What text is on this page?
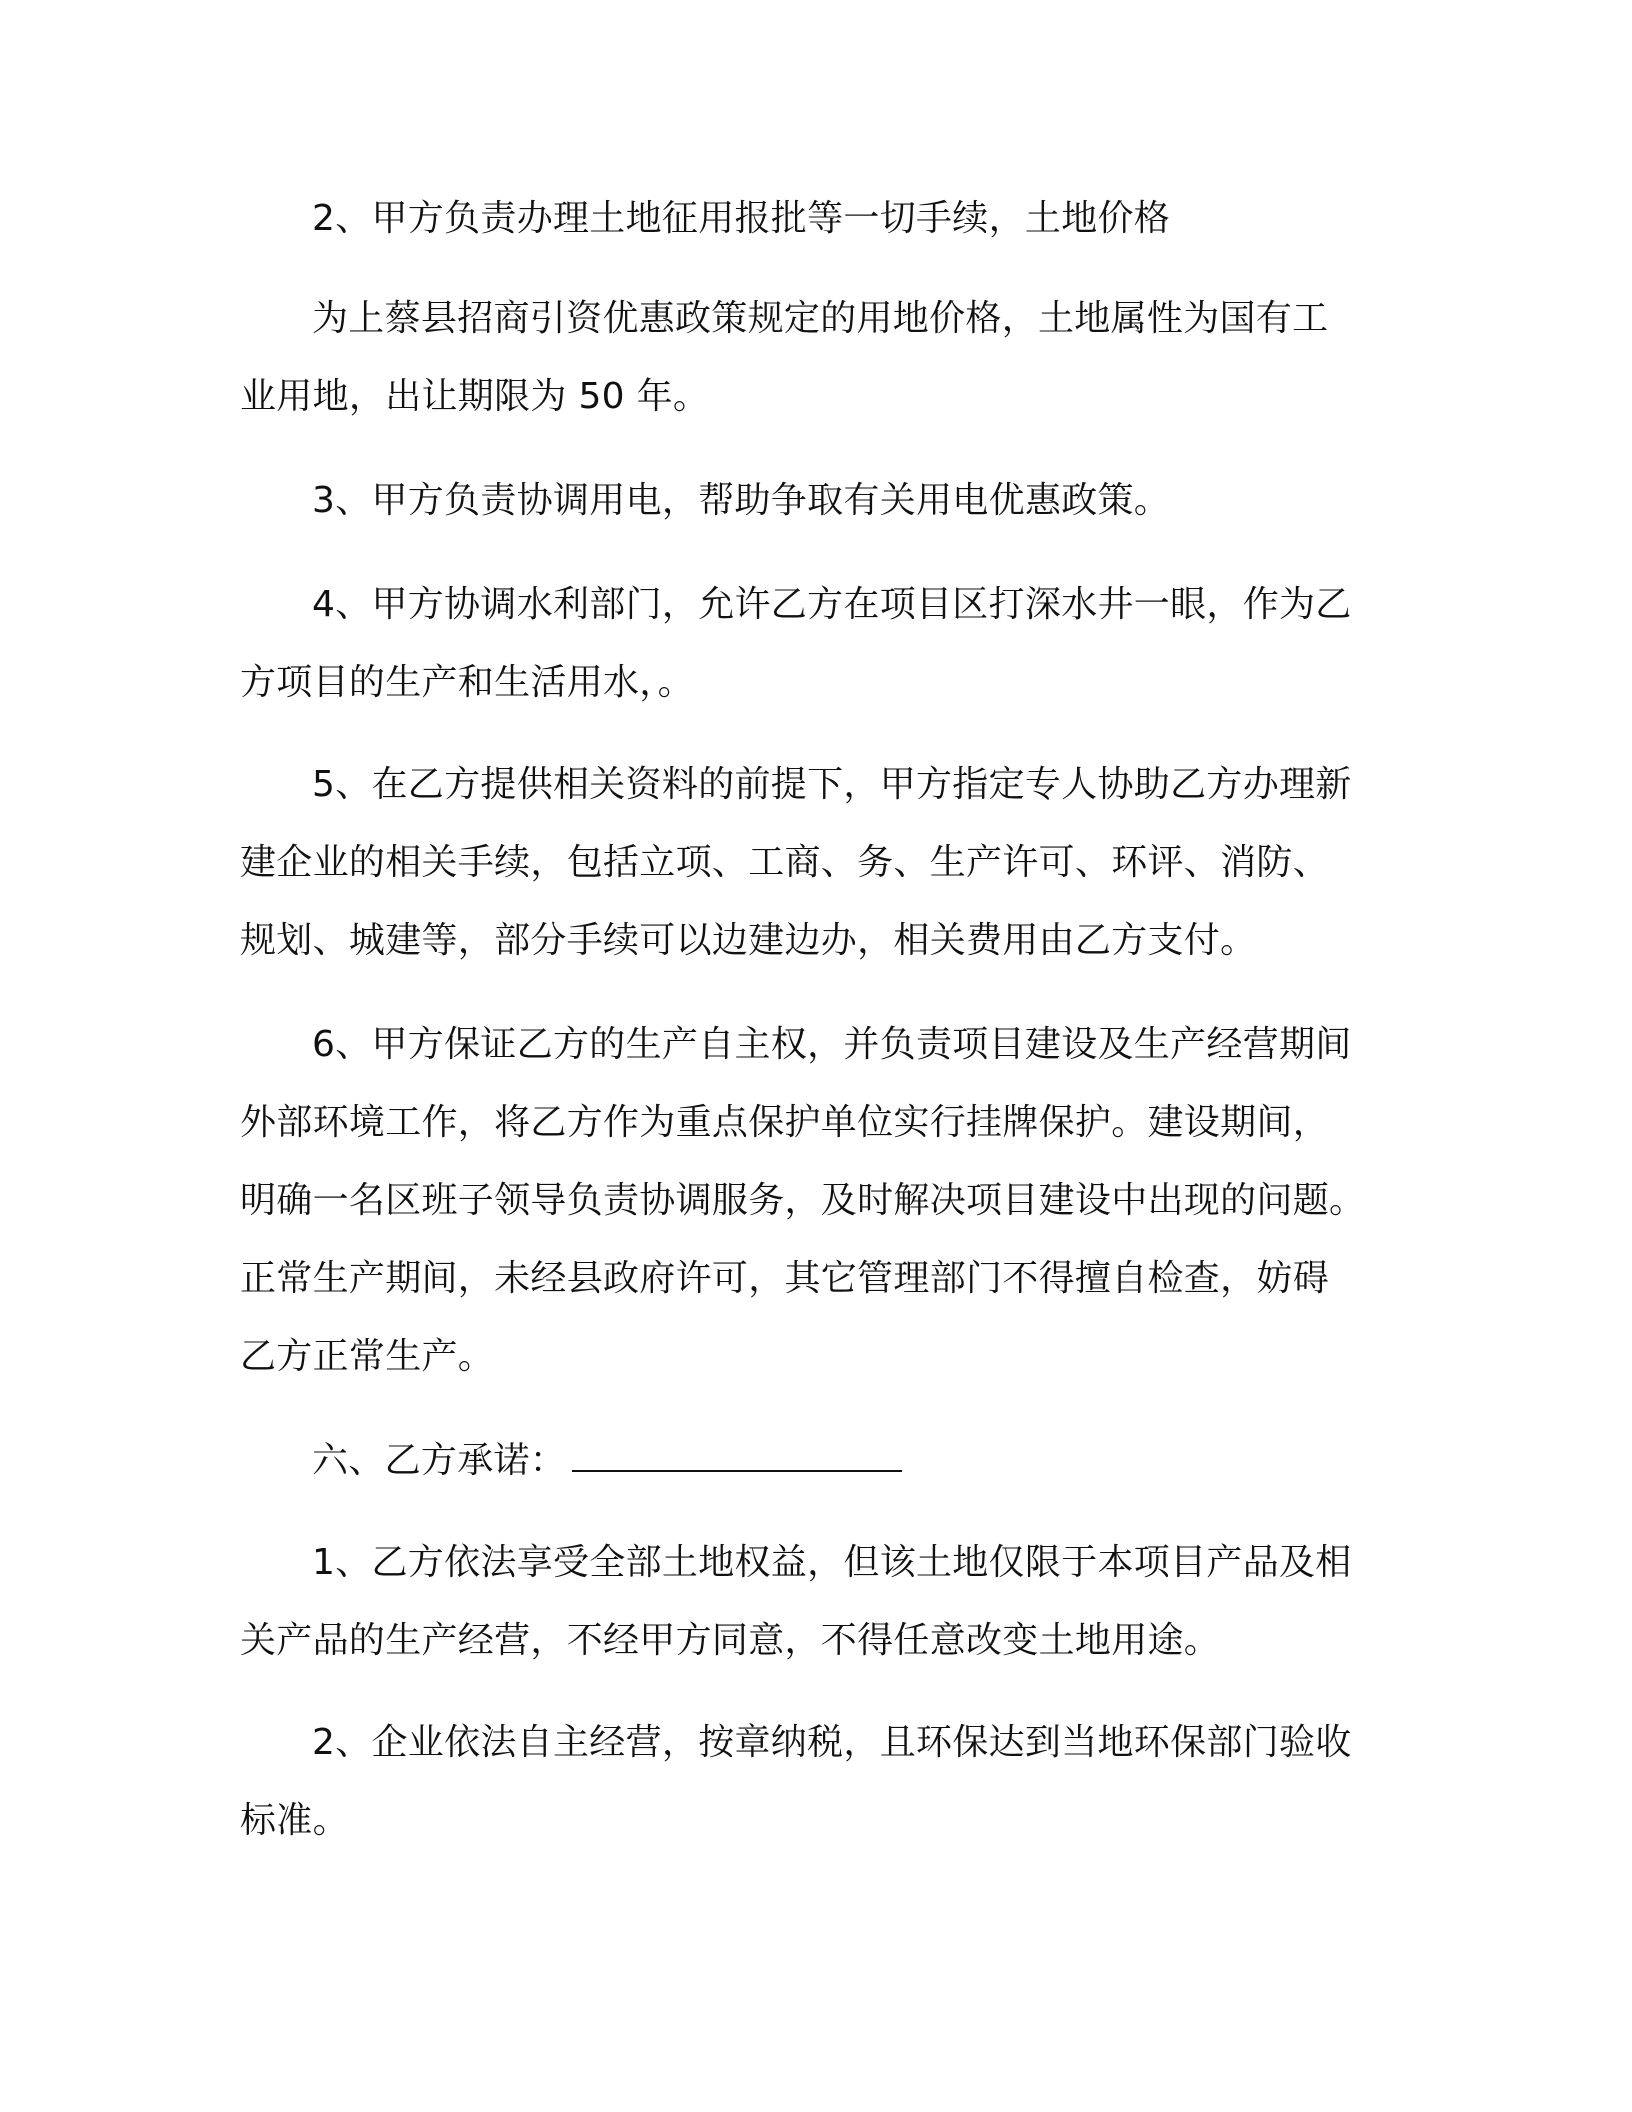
2、甲方负责办理土地征用报批等一切手续，土地价格
为上蔡县招商引资优惠政策规定的用地价格，土地属性为国有工
业用地，出让期限为 50 年。
3、甲方负责协调用电，帮助争取有关用电优惠政策。
4、甲方协调水利部门，允许乙方在项目区打深水井一眼，作为乙
方项目的生产和生活用水，。
5、在乙方提供相关资料的前提下，甲方指定专人协助乙方办理新
建企业的相关手续，包括立项、工商、务、生产许可、环评、消防、
规划、城建等，部分手续可以边建边办，相关费用由乙方支付。
6、甲方保证乙方的生产自主权，并负责项目建设及生产经营期间
外部环境工作，将乙方作为重点保护单位实行挂牌保护。建设期间，
明确一名区班子领导负责协调服务，及时解决项目建设中出现的问题。
正常生产期间，未经县政府许可，其它管理部门不得擅自检查，妨碍
乙方正常生产。
六、乙方承诺：
1、乙方依法享受全部土地权益，但该土地仅限于本项目产品及相
关产品的生产经营，不经甲方同意，不得任意改变土地用途。
2、企业依法自主经营，按章纳税，且环保达到当地环保部门验收
标准。
